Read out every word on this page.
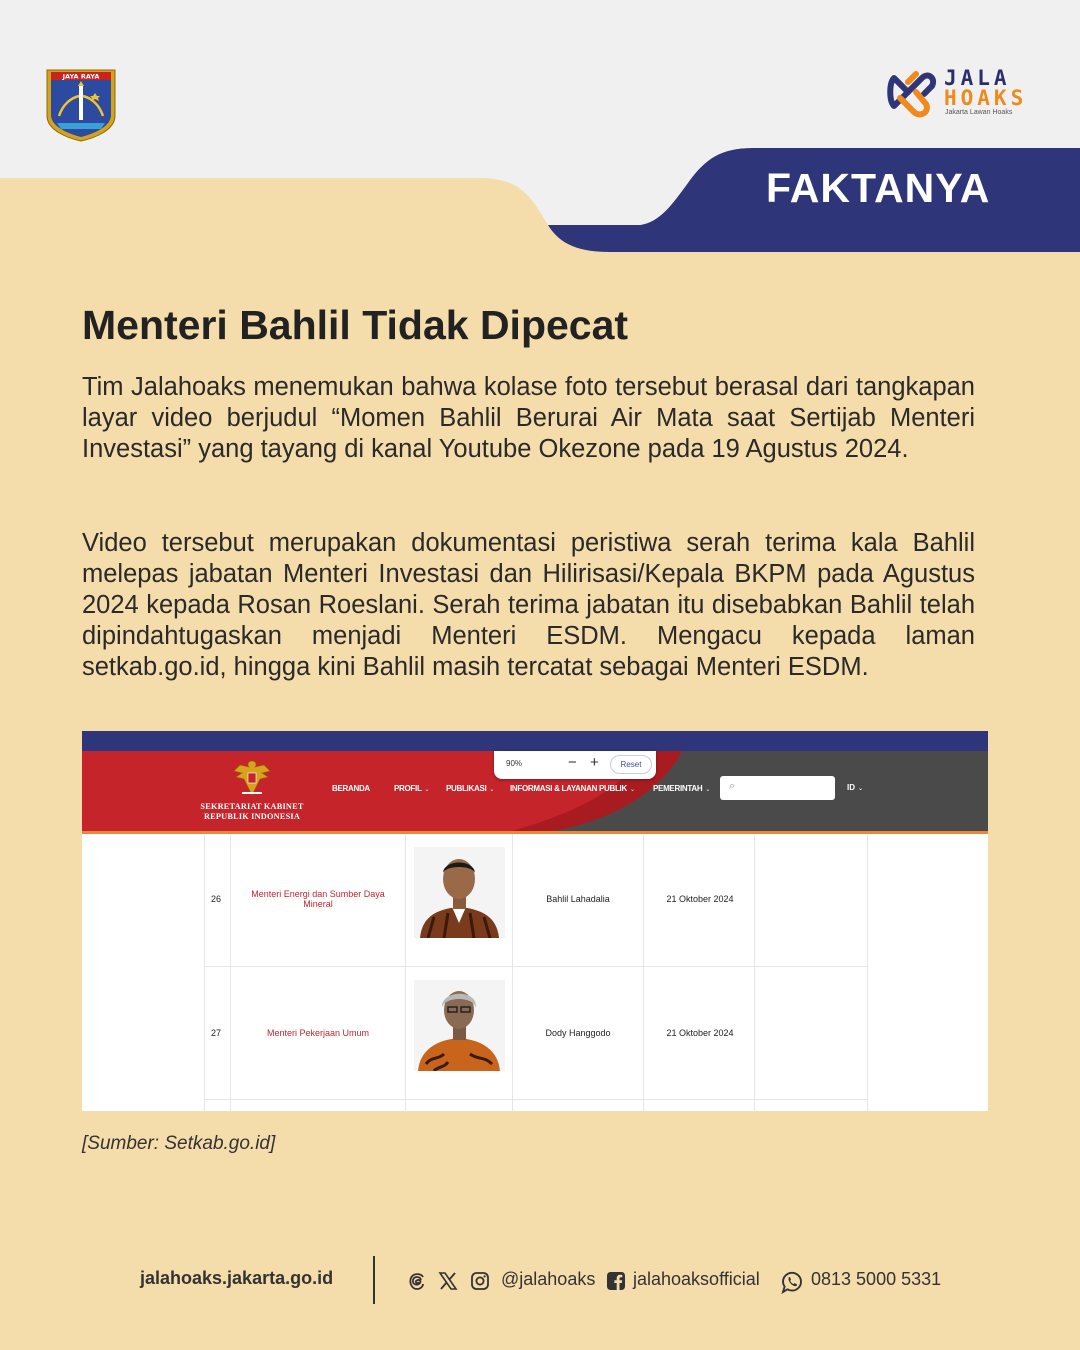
JAYA RAYA	JALA
HOAKS
Jakarta Lawan Hoaks
FAKTANYA
Menteri Bahlil Tidak Dipecat
Tim Jalahoaks menemukan bahwa kolase foto tersebut berasal dari tangkapan layar video berjudul “Momen Bahlil Berurai Air Mata saat Sertijab Menteri Investasi” yang tayang di kanal Youtube Okezone pada 19 Agustus 2024.
Video tersebut merupakan dokumentasi peristiwa serah terima kala Bahlil melepas jabatan Menteri Investasi dan Hilirisasi/Kepala BKPM pada Agustus 2024 kepada Rosan Roeslani. Serah terima jabatan itu disebabkan Bahlil telah dipindahtugaskan menjadi Menteri ESDM. Mengacu kepada laman setkab.go.id, hingga kini Bahlil masih tercatat sebagai Menteri ESDM.
SEKRETARIAT KABINET REPUBLIK INDONESIA
BERANDA	PROFIL ⌄ PUBLIKASI ⌄ INFORMASI & LAYANAN PUBLIK ⌄ PEMERINTAH ⌄ ⌕	ID ⌄
90%	− +	Reset
26	Menteri Energi dan Sumber Daya Mineral	Bahlil Lahadalia	21 Oktober 2024
27	Menteri Pekerjaan Umum	Dody Hanggodo	21 Oktober 2024
[Sumber: Setkab.go.id]
jalahoaks.jakarta.go.id	@jalahoaks jalahoaksofficial	0813 5000 5331
